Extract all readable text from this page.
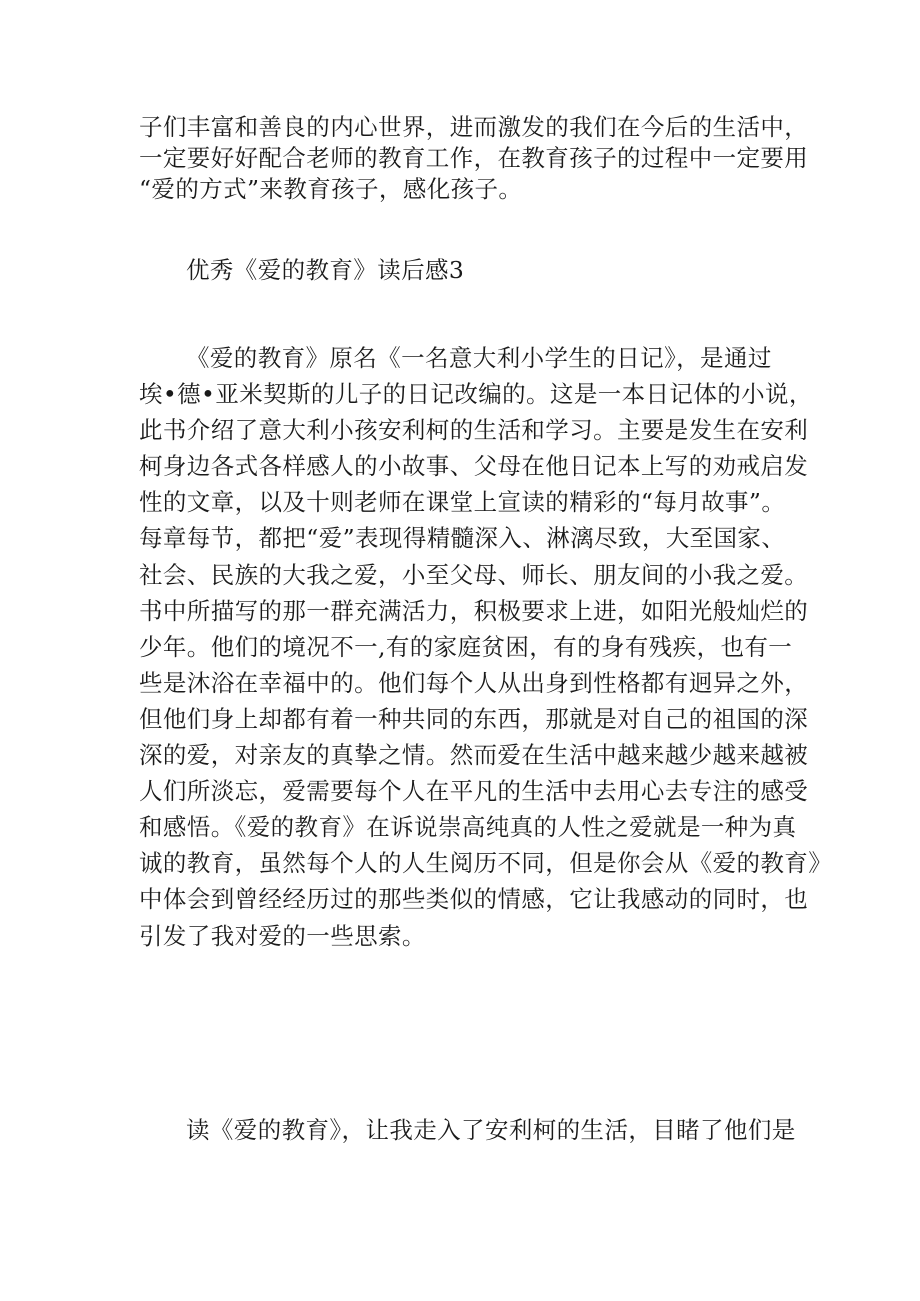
子们丰富和善良的内心世界，进而激发的我们在今后的生活中，
一定要好好配合老师的教育工作，在教育孩子的过程中一定要用
“爱的方式”来教育孩子，感化孩子。
优秀《爱的教育》读后感3
《爱的教育》原名《一名意大利小学生的日记》，是通过
埃•德•亚米契斯的儿子的日记改编的。这是一本日记体的小说，
此书介绍了意大利小孩安利柯的生活和学习。主要是发生在安利
柯身边各式各样感人的小故事、父母在他日记本上写的劝戒启发
性的文章，以及十则老师在课堂上宣读的精彩的“每月故事”。
每章每节，都把“爱”表现得精髓深入、淋漓尽致，大至国家、
社会、民族的大我之爱，小至父母、师长、朋友间的小我之爱。
书中所描写的那一群充满活力，积极要求上进，如阳光般灿烂的
少年。他们的境况不一,有的家庭贫困，有的身有残疾，也有一
些是沐浴在幸福中的。他们每个人从出身到性格都有迥异之外，
但他们身上却都有着一种共同的东西，那就是对自己的祖国的深
深的爱，对亲友的真挚之情。然而爱在生活中越来越少越来越被
人们所淡忘，爱需要每个人在平凡的生活中去用心去专注的感受
和感悟。《爱的教育》在诉说崇高纯真的人性之爱就是一种为真
诚的教育，虽然每个人的人生阅历不同，但是你会从《爱的教育》
中体会到曾经经历过的那些类似的情感，它让我感动的同时，也
引发了我对爱的一些思索。
读《爱的教育》，让我走入了安利柯的生活，目睹了他们是
